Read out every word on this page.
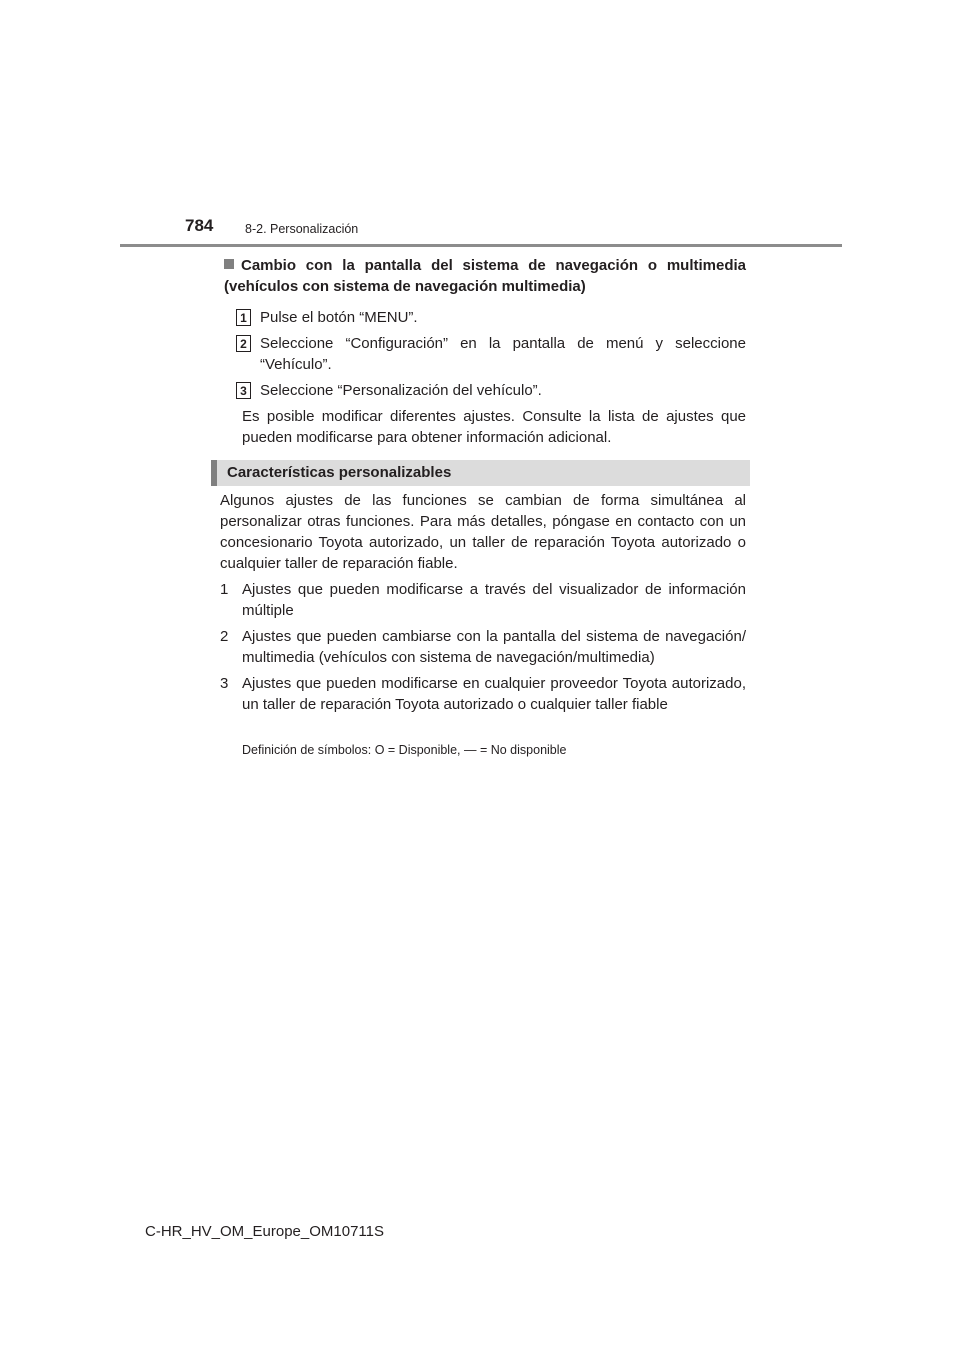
784	8-2. Personalización
Cambio con la pantalla del sistema de navegación o multimedia (vehículos con sistema de navegación multimedia)
1 Pulse el botón “MENU”.
2 Seleccione “Configuración” en la pantalla de menú y seleccione “Vehículo”.
3 Seleccione “Personalización del vehículo”.
Es posible modificar diferentes ajustes. Consulte la lista de ajustes que pueden modificarse para obtener información adicional.
Características personalizables
Algunos ajustes de las funciones se cambian de forma simultánea al personalizar otras funciones. Para más detalles, póngase en contacto con un concesionario Toyota autorizado, un taller de reparación Toyota autorizado o cualquier taller de reparación fiable.
1 Ajustes que pueden modificarse a través del visualizador de información múltiple
2 Ajustes que pueden cambiarse con la pantalla del sistema de navegación/ multimedia (vehículos con sistema de navegación/multimedia)
3 Ajustes que pueden modificarse en cualquier proveedor Toyota autorizado, un taller de reparación Toyota autorizado o cualquier taller fiable
Definición de símbolos: O = Disponible, — = No disponible
C-HR_HV_OM_Europe_OM10711S
